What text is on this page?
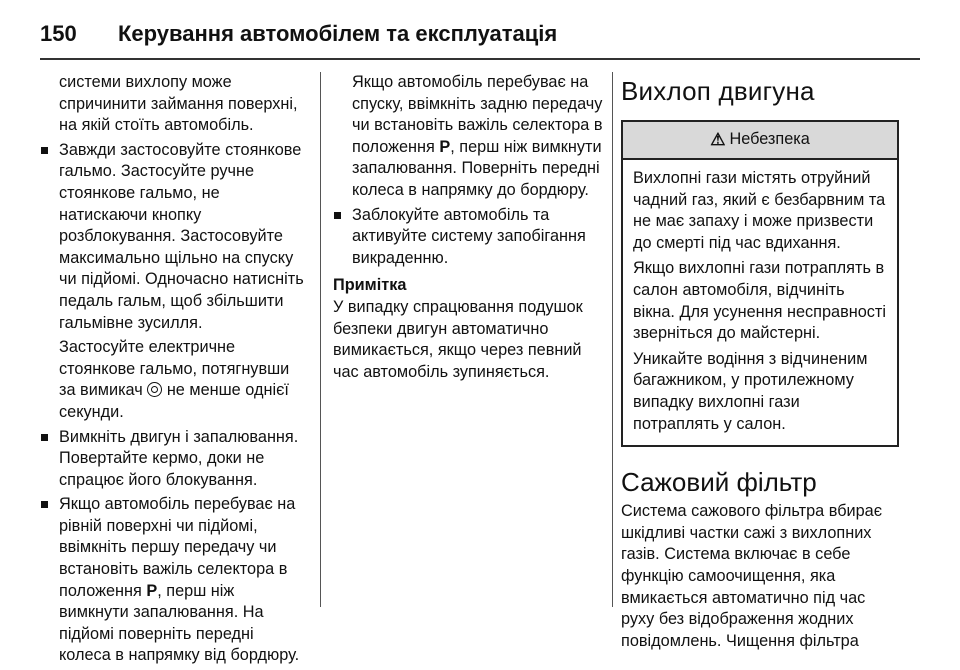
150	Керування автомобілем та експлуатація

системи вихлопу може спричинити займання поверхні, на якій стоїть автомобіль.

Завжди застосовуйте стоянкове гальмо. Застосуйте ручне стоянкове гальмо, не натискаючи кнопку розблокування. Застосовуйте максимально щільно на спуску чи підйомі. Одночасно натисніть педаль гальм, щоб збільшити гальмівне зусилля.
Застосуйте електричне стоянкове гальмо, потягнувши за вимикач не менше однієї секунди.
Вимкніть двигун і запалювання. Повертайте кермо, доки не спрацює його блокування.
Якщо автомобіль перебуває на рівній поверхні чи підйомі, ввімкніть першу передачу чи встановіть важіль селектора в положення P, перш ніж вимкнути запалювання. На підйомі поверніть передні колеса в напрямку від бордюру.

Якщо автомобіль перебуває на спуску, ввімкніть задню передачу чи встановіть важіль селектора в положення P, перш ніж вимкнути запалювання. Поверніть передні колеса в напрямку до бордюру.

Заблокуйте автомобіль та активуйте систему запобігання викраденню.

Примітка

У випадку спрацювання подушок безпеки двигун автоматично вимикається, якщо через певний час автомобіль зупиняється.

Вихлоп двигуна
⚠ Небезпека

Вихлопні гази містять отруйний чадний газ, який є безбарвним та не має запаху і може призвести до смерті під час вдихання.

Якщо вихлопні гази потраплять в салон автомобіля, відчиніть вікна. Для усунення несправності зверніться до майстерні.

Уникайте водіння з відчиненим багажником, у протилежному випадку вихлопні гази потраплять у салон.

Сажовий фільтр

Система сажового фільтра вбирає шкідливі частки сажі з вихлопних газів. Система включає в себе функцію самоочищення, яка вмикається автоматично під час руху без відображення жодних повідомлень. Чищення фільтра
